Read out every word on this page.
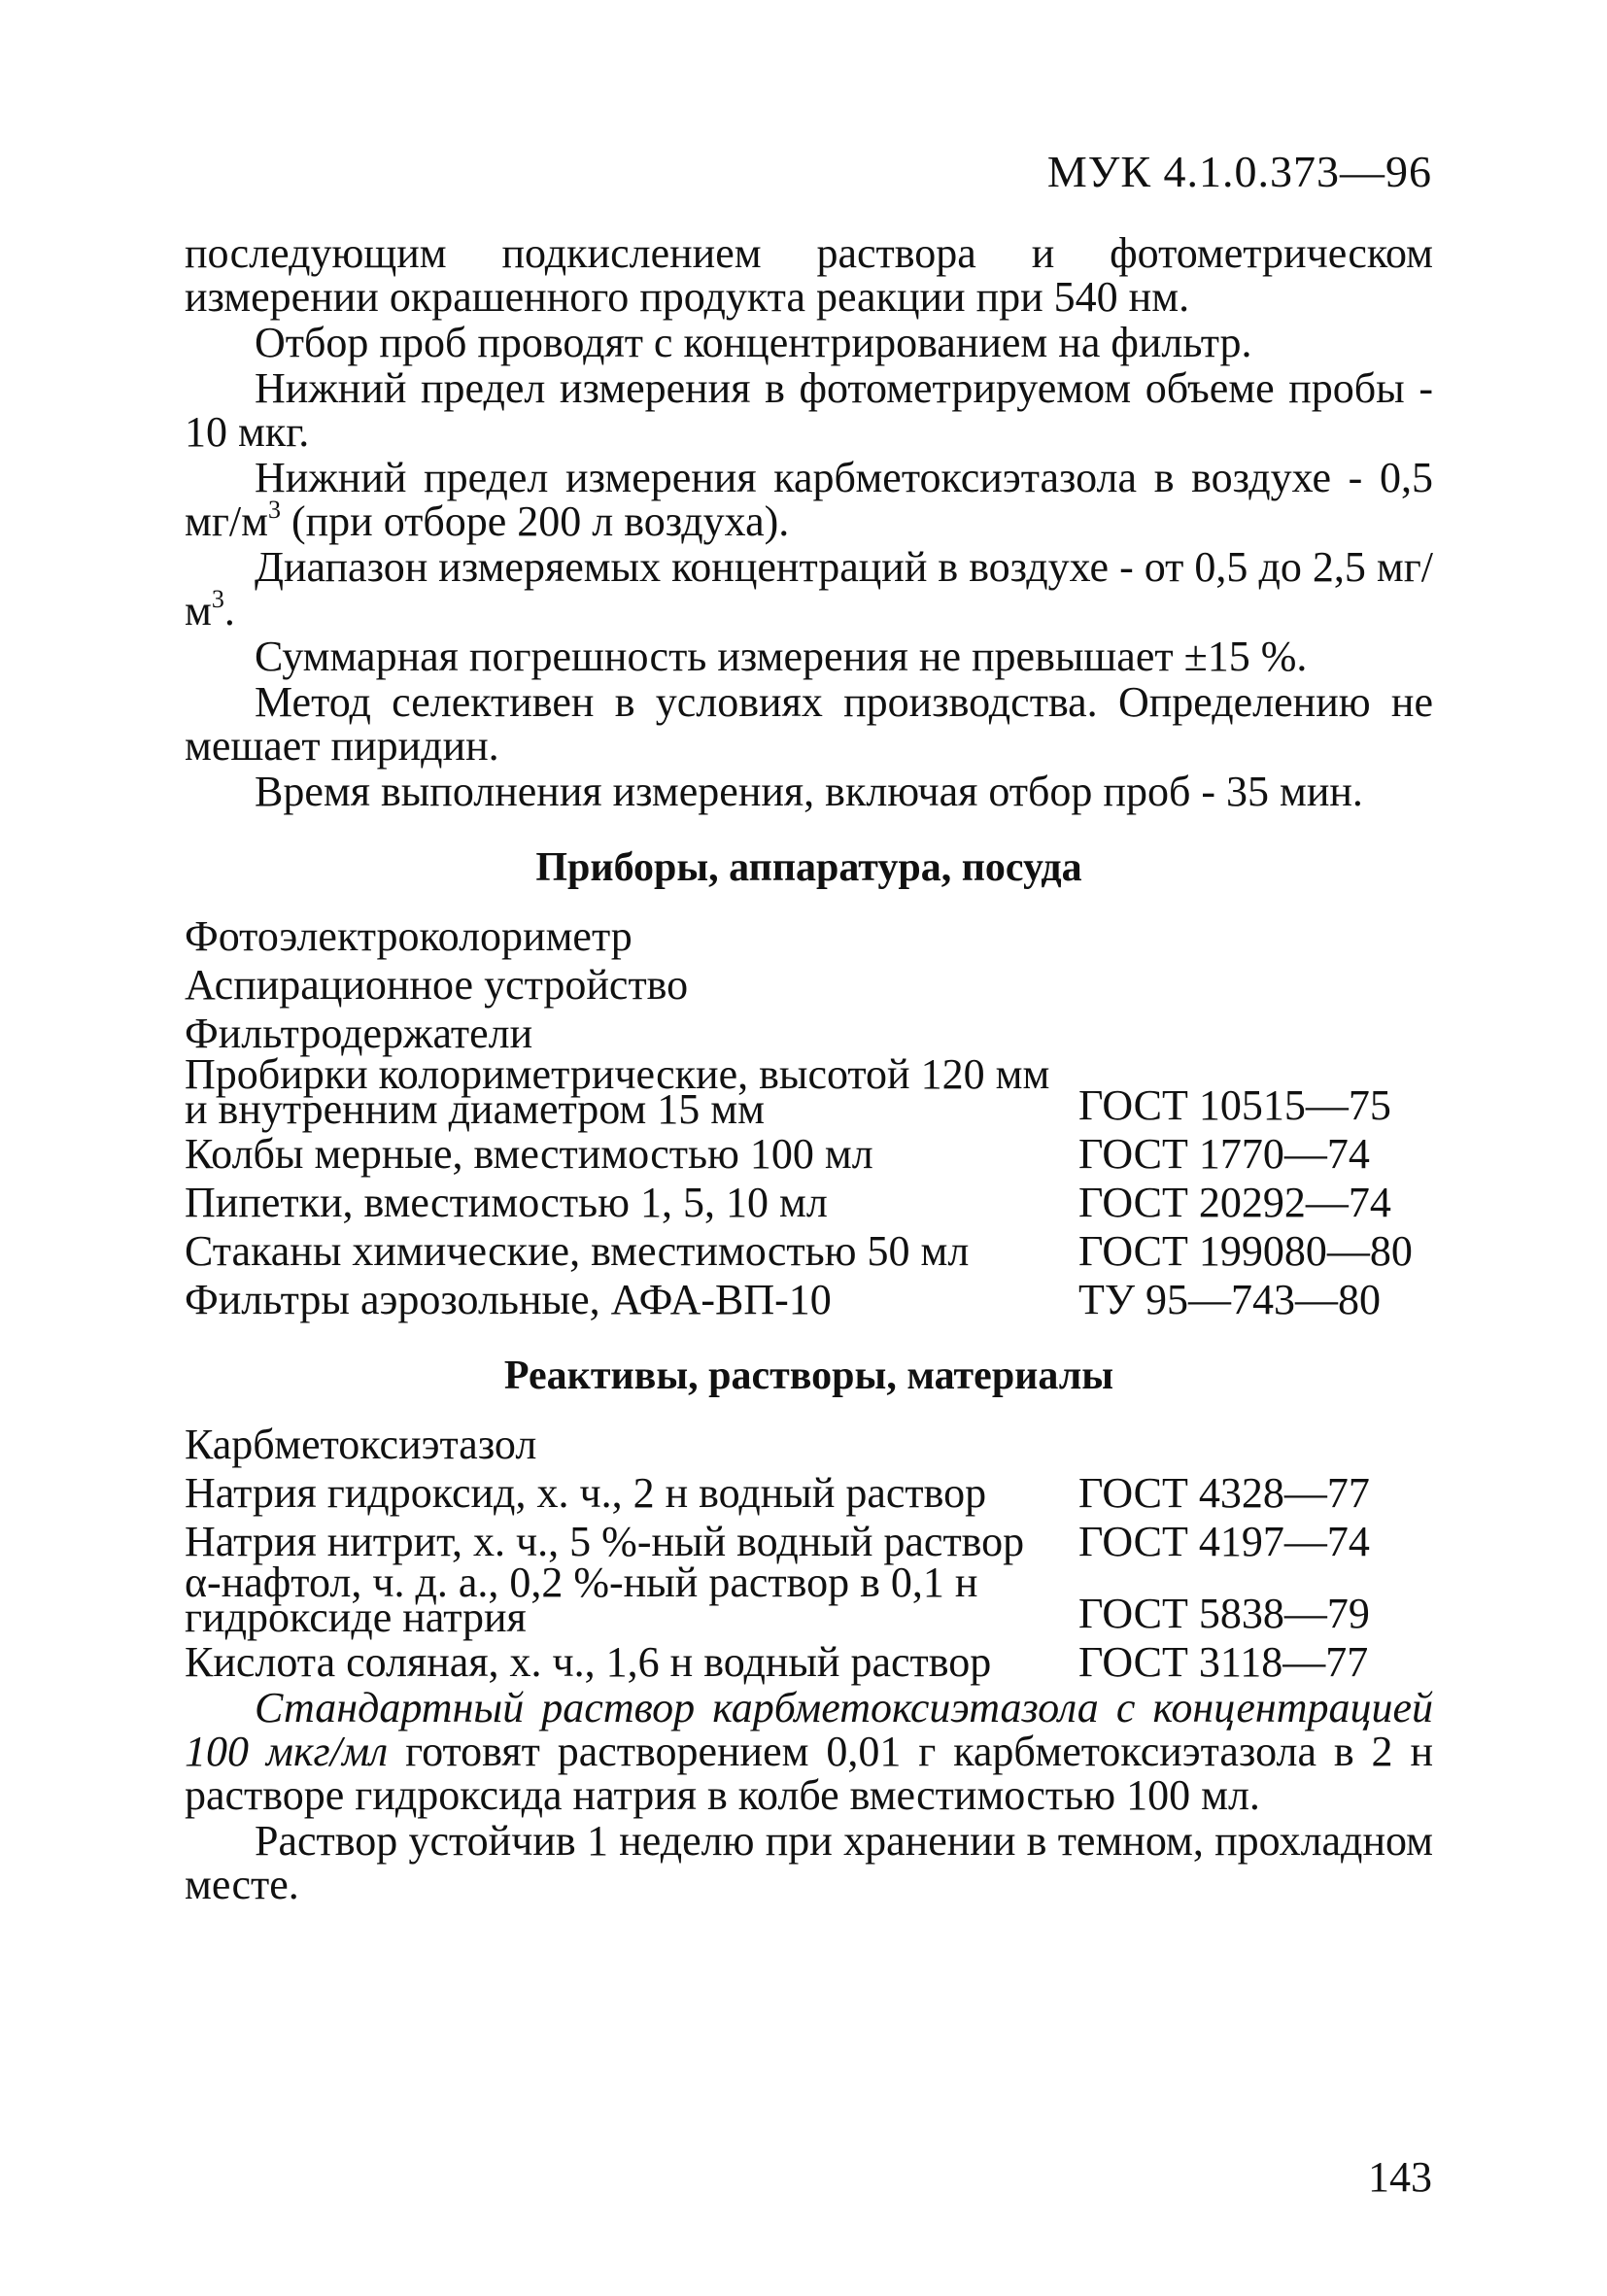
МУК 4.1.0.373—96

последующим подкислением раствора и фотометрическом измерении окрашенного продукта реакции при 540 нм.

Отбор проб проводят с концентрированием на фильтр.

Нижний предел измерения в фотометрируемом объеме пробы - 10 мкг.

Нижний предел измерения карбметоксиэтазола в воздухе - 0,5 $мг/м^3$ (при отборе 200 л воздуха).

Диапазон измеряемых концентраций в воздухе - от 0,5 до 2,5 $мг/м^3$.

Суммарная погрешность измерения не превышает ±15 %.

Метод селективен в условиях производства. Определению не мешает пиридин.

Время выполнения измерения, включая отбор проб - 35 мин.

Приборы, аппаратура, посуда
Фотоэлектроколориметр
Аспирационное устройство
Фильтродержатели
Пробирки колориметрические, высотой 120 мм и внутренним диаметром 15 мм	ГОСТ 10515—75
Колбы мерные, вместимостью 100 мл	ГОСТ 1770—74
Пипетки, вместимостью 1, 5, 10 мл	ГОСТ 20292—74
Стаканы химические, вместимостью 50 мл	ГОСТ 199080—80
Фильтры аэрозольные, АФА-ВП-10	ТУ 95—743—80
Реактивы, растворы, материалы
Карбметоксиэтазол
Натрия гидроксид, х. ч., 2 н водный раствор	ГОСТ 4328—77
Натрия нитрит, х. ч., 5 %-ный водный раствор	ГОСТ 4197—74
α-нафтол, ч. д. а., 0,2 %-ный раствор в 0,1 н гидроксиде натрия	ГОСТ 5838—79
Кислота соляная, х. ч., 1,6 н водный раствор	ГОСТ 3118—77

Стандартный раствор карбметоксиэтазола с концентрацией 100 мкг/мл готовят растворением 0,01 г карбметоксиэтазола в 2 н растворе гидроксида натрия в колбе вместимостью 100 мл.

Раствор устойчив 1 неделю при хранении в темном, прохладном месте.

143
